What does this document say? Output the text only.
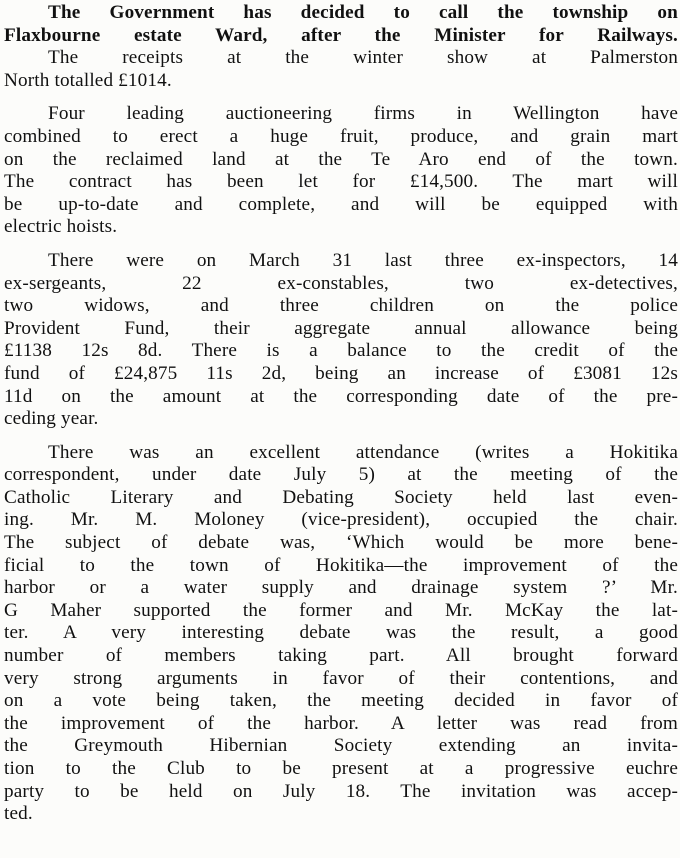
The Government has decided to call the township on
Flaxbourne estate Ward, after the Minister for Railways.

The receipts at the winter show at Palmerston
North totalled £1014.

Four leading auctioneering firms in Wellington have
combined to erect a huge fruit, produce, and grain mart
on the reclaimed land at the Te Aro end of the town.
The contract has been let for £14,500. The mart will
be up-to-date and complete, and will be equipped with
electric hoists.

There were on March 31 last three ex-inspectors, 14
ex-sergeants, 22 ex-constables, two ex-detectives,
two widows, and three children on the police
Provident Fund, their aggregate annual allowance being
£1138 12s 8d. There is a balance to the credit of the
fund of £24,875 11s 2d, being an increase of £3081 12s
11d on the amount at the corresponding date of the pre-
ceding year.

There was an excellent attendance (writes a Hokitika
correspondent, under date July 5) at the meeting of the
Catholic Literary and Debating Society held last even-
ing. Mr. M. Moloney (vice-president), occupied the chair.
The subject of debate was, ‘Which would be more bene-
ficial to the town of Hokitika—the improvement of the
harbor or a water supply and drainage system ?’ Mr.
G Maher supported the former and Mr. McKay the lat-
ter. A very interesting debate was the result, a good
number of members taking part. All brought forward
very strong arguments in favor of their contentions, and
on a vote being taken, the meeting decided in favor of
the improvement of the harbor. A letter was read from
the Greymouth Hibernian Society extending an invita-
tion to the Club to be present at a progressive euchre
party to be held on July 18. The invitation was accep-
ted.
